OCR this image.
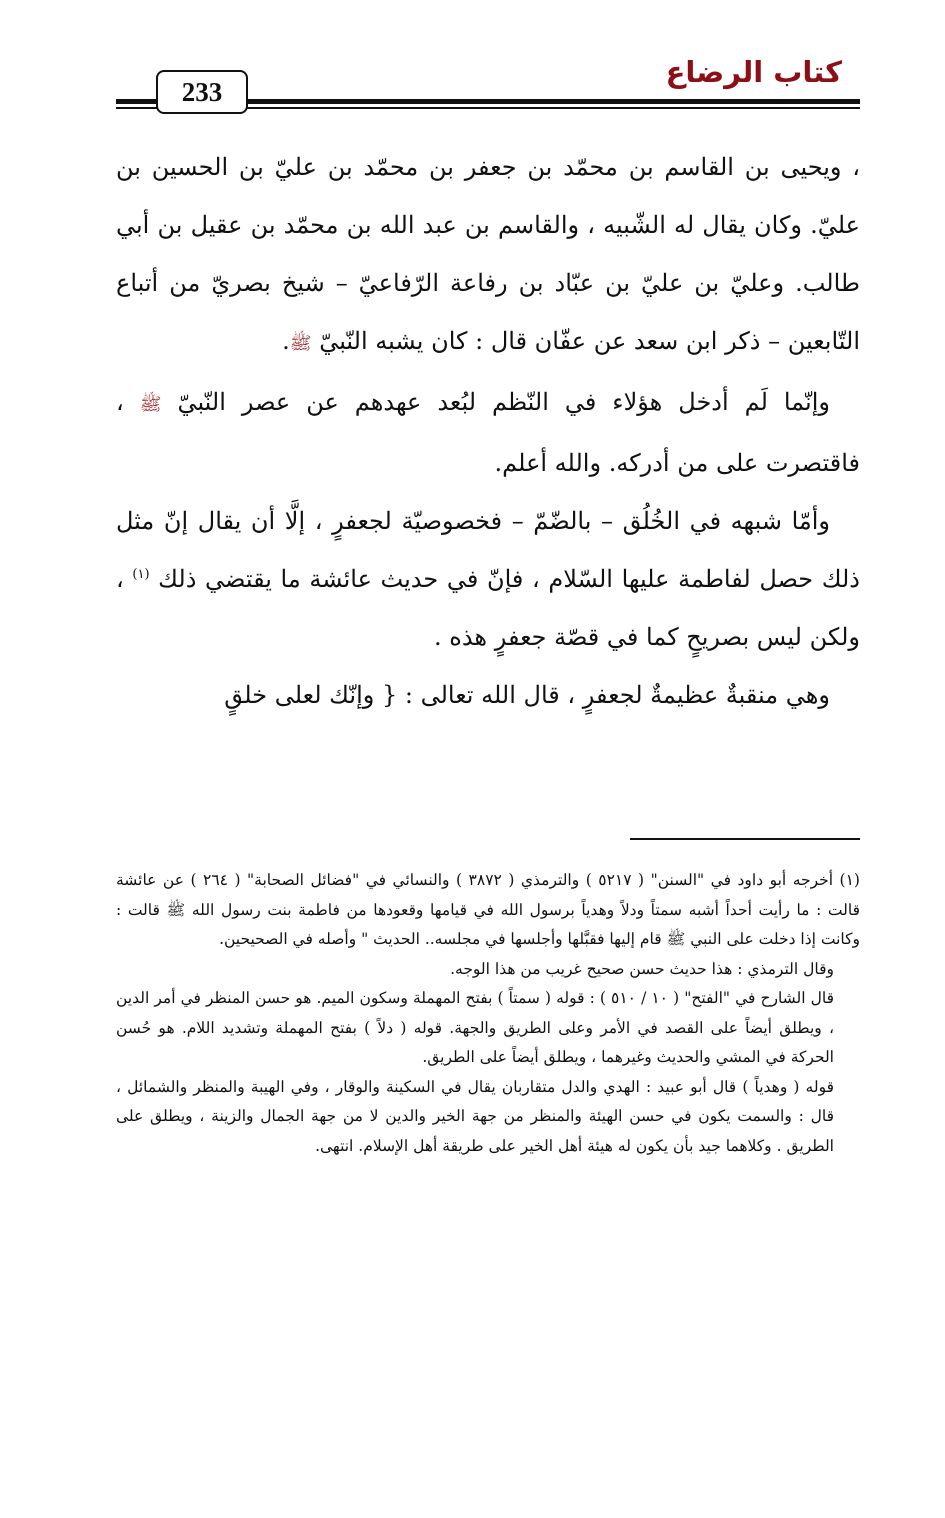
كتاب الرضاع
233

، ويحيى بن القاسم بن محمّد بن جعفر بن محمّد بن عليّ بن الحسين بن عليّ. وكان يقال له الشّبيه ، والقاسم بن عبد الله بن محمّد بن عقيل بن أبي طالب. وعليّ بن عليّ بن عبّاد بن رفاعة الرّفاعيّ – شيخ بصريّ من أتباع التّابعين – ذكر ابن سعد عن عفّان قال : كان يشبه النّبيّ ﷺ.

وإنّما لَم أدخل هؤلاء في النّظم لبُعد عهدهم عن عصر النّبيّ ﷺ ، فاقتصرت على من أدركه. والله أعلم.

وأمّا شبهه في الخُلُق – بالضّمّ – فخصوصيّة لجعفرٍ ، إلَّا أن يقال إنّ مثل ذلك حصل لفاطمة عليها السّلام ، فإنّ في حديث عائشة ما يقتضي ذلك $^{(١)}$ ، ولكن ليس بصريحٍ كما في قصّة جعفرٍ هذه .

وهي منقبةٌ عظيمةٌ لجعفرٍ ، قال الله تعالى : { وإنّك لعلى خلقٍ

(١) أخرجه أبو داود في "السنن" ( ٥٢١٧ ) والترمذي ( ٣٨٧٢ ) والنسائي في "فضائل الصحابة" ( ٢٦٤ ) عن عائشة قالت : ما رأيت أحداً أشبه سمتاً ودلاً وهدياً برسول الله في قيامها وقعودها من فاطمة بنت رسول الله ﷺ قالت : وكانت إذا دخلت على النبي ﷺ قام إليها فقبَّلها وأجلسها في مجلسه.. الحديث " وأصله في الصحيحين.

وقال الترمذي : هذا حديث حسن صحيح غريب من هذا الوجه.

قال الشارح في "الفتح" ( ١٠ / ٥١٠ ) : قوله ( سمتاً ) بفتح المهملة وسكون الميم. هو حسن المنظر في أمر الدين ، ويطلق أيضاً على القصد في الأمر وعلى الطريق والجهة. قوله ( دلاً ) بفتح المهملة وتشديد اللام. هو حُسن الحركة في المشي والحديث وغيرهما ، ويطلق أيضاً على الطريق.

قوله ( وهدياً ) قال أبو عبيد : الهدي والدل متقاربان يقال في السكينة والوقار ، وفي الهيبة والمنظر والشمائل ، قال : والسمت يكون في حسن الهيئة والمنظر من جهة الخير والدين لا من جهة الجمال والزينة ، ويطلق على الطريق . وكلاهما جيد بأن يكون له هيئة أهل الخير على طريقة أهل الإسلام. انتهى.
